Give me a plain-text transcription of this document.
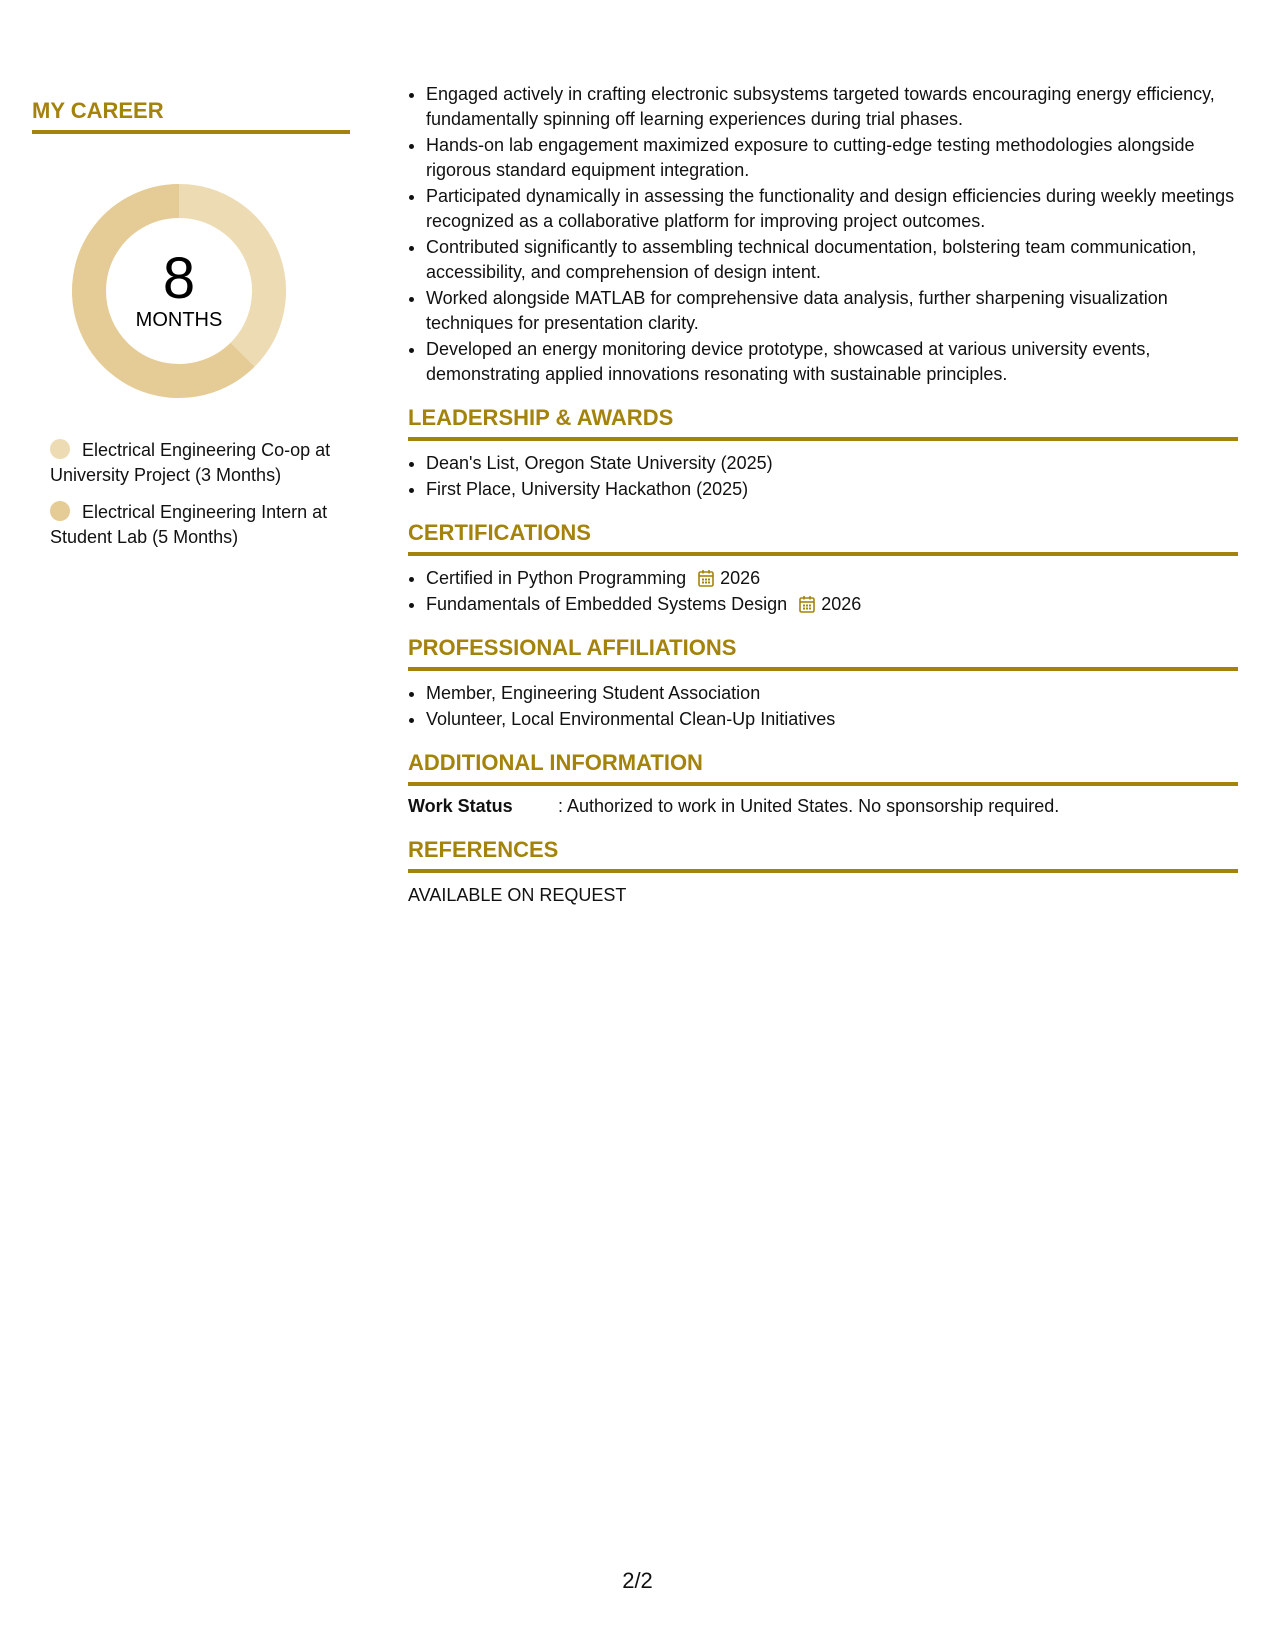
MY CAREER
8
MONTHS
Electrical Engineering Co-op at University Project (3 Months)
Electrical Engineering Intern at Student Lab (5 Months)
• Engaged actively in crafting electronic subsystems targeted towards encouraging energy efficiency, fundamentally spinning off learning experiences during trial phases.
• Hands-on lab engagement maximized exposure to cutting-edge testing methodologies alongside rigorous standard equipment integration.
• Participated dynamically in assessing the functionality and design efficiencies during weekly meetings recognized as a collaborative platform for improving project outcomes.
• Contributed significantly to assembling technical documentation, bolstering team communication, accessibility, and comprehension of design intent.
• Worked alongside MATLAB for comprehensive data analysis, further sharpening visualization techniques for presentation clarity.
• Developed an energy monitoring device prototype, showcased at various university events, demonstrating applied innovations resonating with sustainable principles.
LEADERSHIP & AWARDS
• Dean's List, Oregon State University (2025)
• First Place, University Hackathon (2025)
CERTIFICATIONS
• Certified in Python Programming 2026
• Fundamentals of Embedded Systems Design 2026
PROFESSIONAL AFFILIATIONS
• Member, Engineering Student Association
• Volunteer, Local Environmental Clean-Up Initiatives
ADDITIONAL INFORMATION
Work Status	: Authorized to work in United States. No sponsorship required.
REFERENCES
AVAILABLE ON REQUEST
2/2
